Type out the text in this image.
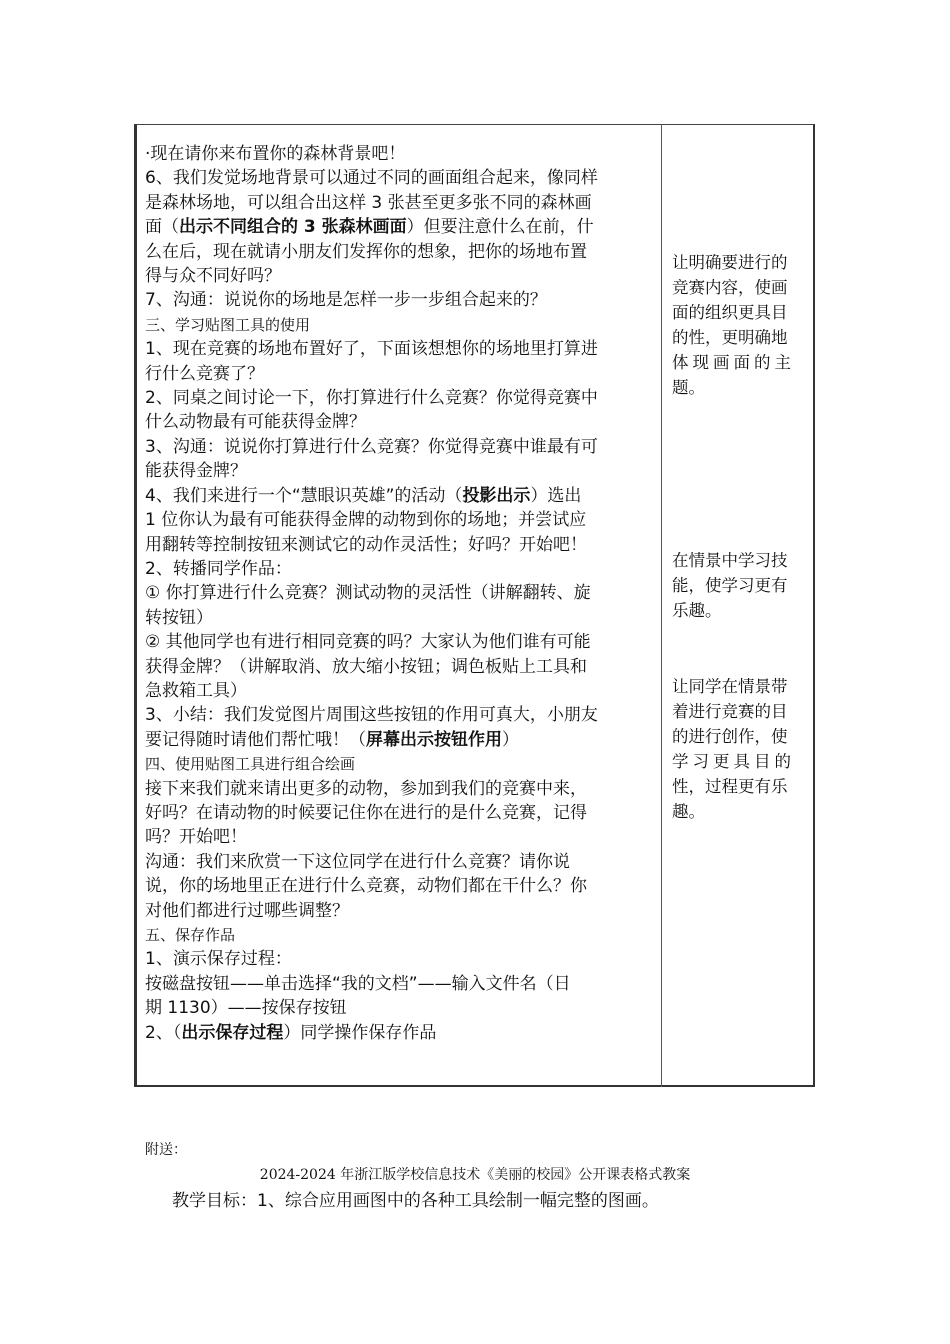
·现在请你来布置你的森林背景吧！
6、我们发觉场地背景可以通过不同的画面组合起来，像同样
是森林场地，可以组合出这样 3 张甚至更多张不同的森林画
面（出示不同组合的 3 张森林画面）但要注意什么在前，什
么在后，现在就请小朋友们发挥你的想象，把你的场地布置
得与众不同好吗？
7、沟通：说说你的场地是怎样一步一步组合起来的？
三、学习贴图工具的使用
1、现在竞赛的场地布置好了，下面该想想你的场地里打算进
行什么竞赛了？
2、同桌之间讨论一下，你打算进行什么竞赛？你觉得竞赛中
什么动物最有可能获得金牌？
3、沟通：说说你打算进行什么竞赛？你觉得竞赛中谁最有可
能获得金牌？
4、我们来进行一个“慧眼识英雄”的活动（投影出示）选出
1 位你认为最有可能获得金牌的动物到你的场地；并尝试应
用翻转等控制按钮来测试它的动作灵活性；好吗？开始吧！
2、转播同学作品：
① 你打算进行什么竞赛？测试动物的灵活性（讲解翻转、旋
转按钮）
② 其他同学也有进行相同竞赛的吗？大家认为他们谁有可能
获得金牌？（讲解取消、放大缩小按钮；调色板贴上工具和
急救箱工具）
3、小结：我们发觉图片周围这些按钮的作用可真大，小朋友
要记得随时请他们帮忙哦！（屏幕出示按钮作用）
四、使用贴图工具进行组合绘画
接下来我们就来请出更多的动物，参加到我们的竞赛中来，
好吗？在请动物的时候要记住你在进行的是什么竞赛，记得
吗？开始吧！
沟通：我们来欣赏一下这位同学在进行什么竞赛？请你说
说，你的场地里正在进行什么竞赛，动物们都在干什么？你
对他们都进行过哪些调整？
五、保存作品
1、演示保存过程：
按磁盘按钮——单击选择“我的文档”——输入文件名（日
期 1130）——按保存按钮
2、（出示保存过程）同学操作保存作品
让明确要进行的
竞赛内容，使画
面的组织更具目
的性，更明确地
体现画面的主
题。
在情景中学习技
能，使学习更有
乐趣。
让同学在情景带
着进行竞赛的目
的进行创作，使
学习更具目的
性，过程更有乐
趣。
附送：
2024-2024 年浙江版学校信息技术《美丽的校园》公开课表格式教案
教学目标：1、综合应用画图中的各种工具绘制一幅完整的图画。
